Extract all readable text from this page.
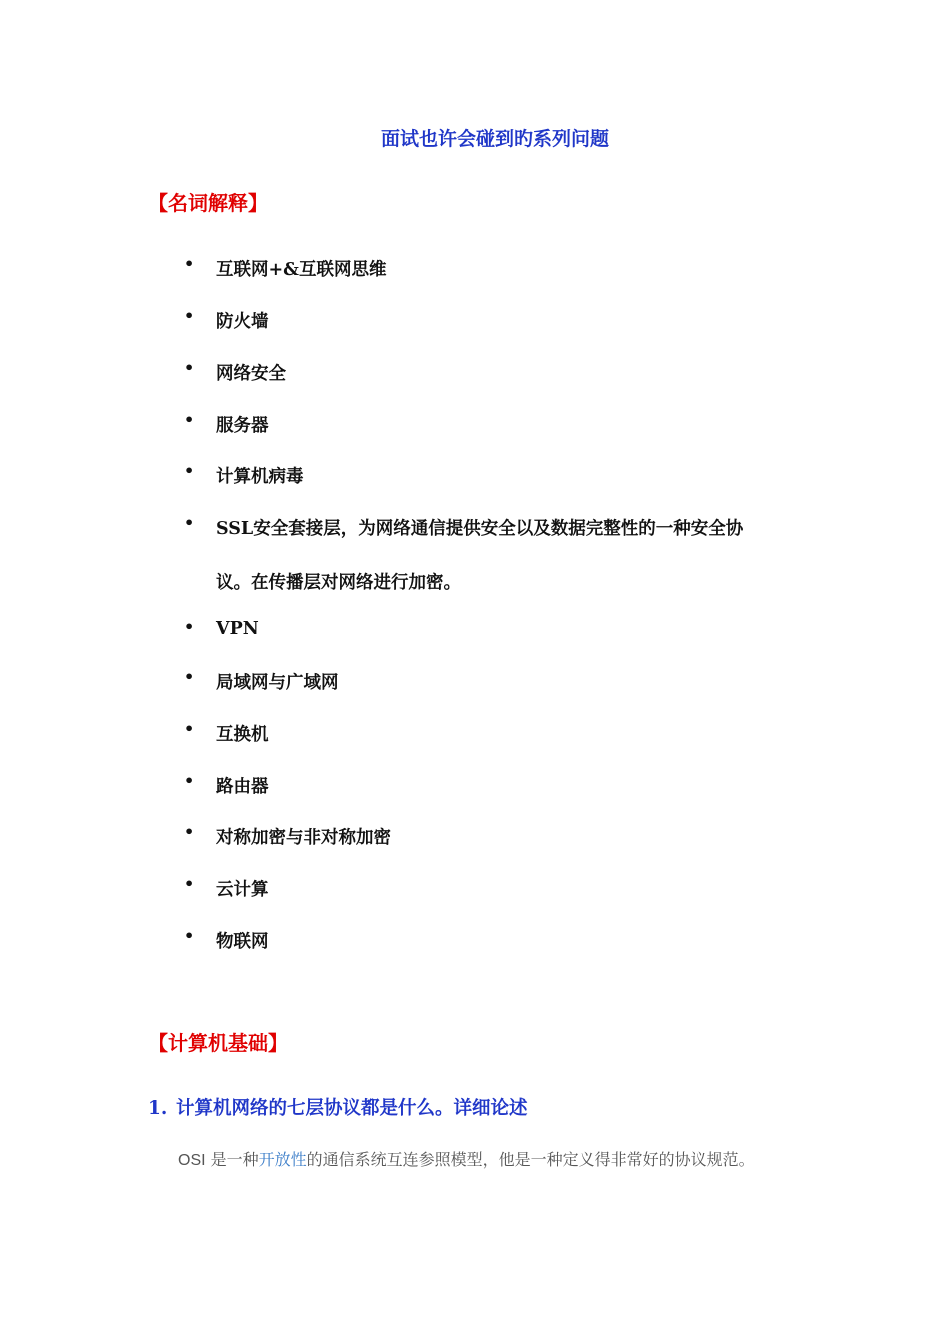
面试也许会碰到旳系列问题
【名词解释】
• 互联网+&互联网思维
• 防火墙
• 网络安全
• 服务器
• 计算机病毒
• SSL安全套接层，为网络通信提供安全以及数据完整性的一种安全协
议。在传播层对网络进行加密。
• VPN
• 局域网与广域网
• 互换机
• 路由器
• 对称加密与非对称加密
• 云计算
• 物联网
【计算机基础】
1. 计算机网络的七层协议都是什么。详细论述
OSI 是一种开放性的通信系统互连参照模型，他是一种定义得非常好的协议规范。
